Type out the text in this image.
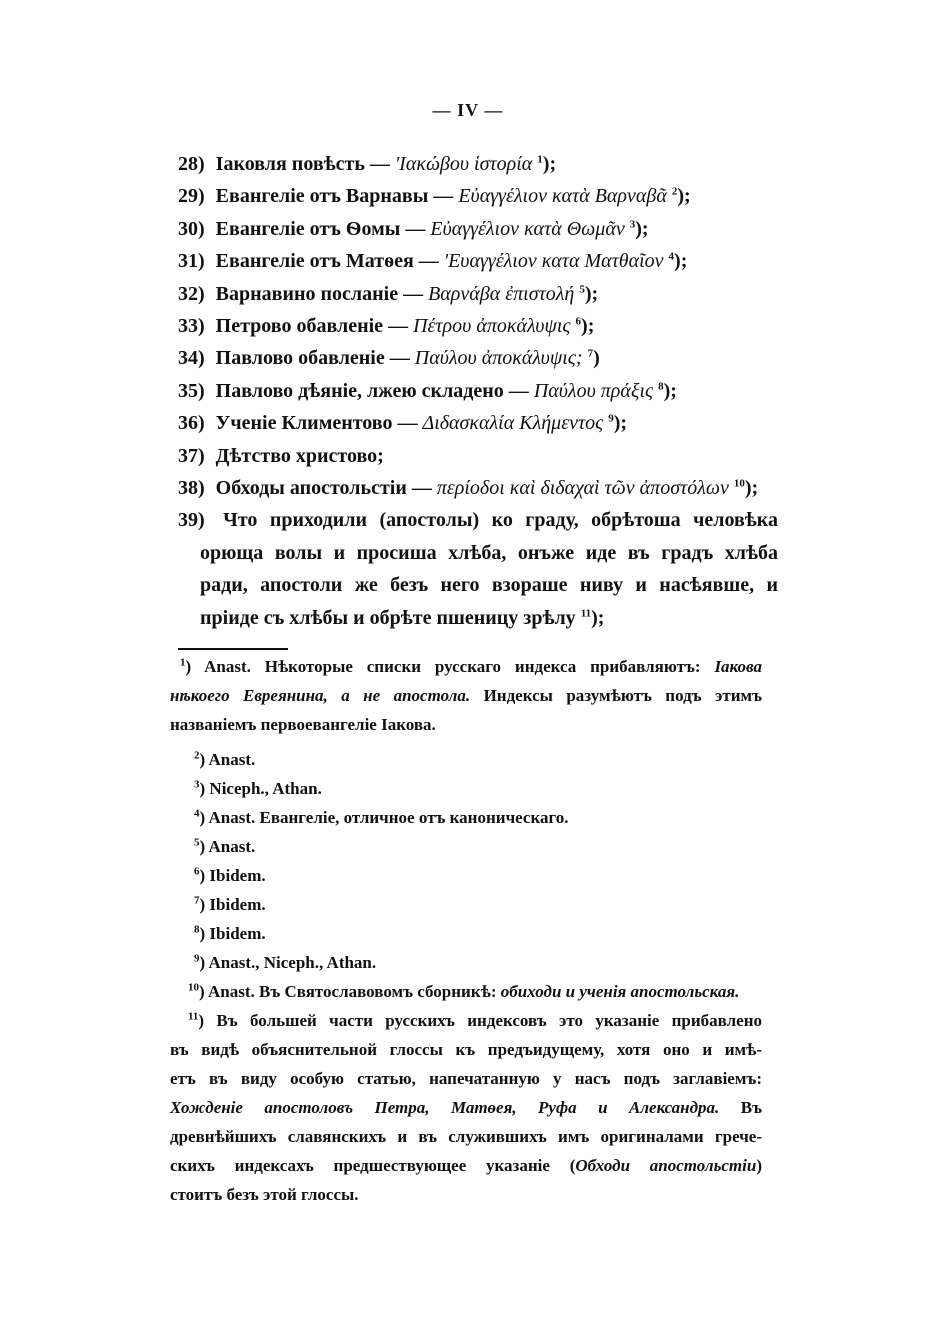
— IV —
28) Iаковля повѣсть — 'Ιακώβου ἱστορία $^1$);
29) Евангелiе отъ Варнавы — Εὐαγγέλιον κατὰ Βαρναβᾶ $^2$);
30) Евангелiе отъ Ѳомы — Εὐαγγέλιον κατὰ Θωμᾶν $^3$);
31) Евангелiе отъ Матѳея — 'Ευαγγέλιον κατα Ματθαῖον $^4$);
32) Варнавино посланiе — Βαρνάβα ἐπιστολή $^5$);
33) Петрово обавленiе — Πέτρου ἀποκάλυψις $^6$);
34) Павлово обавленiе — Παύλου ἀποκάλυψις; $^7$)
35) Павлово дѣянiе, лжею складено — Παύλου πράξις $^8$);
36) Ученiе Климентово — Διδασκαλία Κλήμεντος $^9$);
37) Дѣтство христово;
38) Обходы апостольстiи — περίοδοι καὶ διδαχαὶ τῶν ἀποστόλων $^{10}$);
39) Что приходили (апостолы) ко граду, обрѣтоша человѣка
орюща волы и просиша хлѣба, онъже иде въ градъ хлѣба
ради, апостоли же безъ него взораше ниву и насѣявше, и
прiиде съ хлѣбы и обрѣте пшеницу зрѣлу $^{11}$);
$^1$) Anast. Нѣкоторые списки русскаго индекса прибавляютъ: Iакова
нѣкоего Евреянина, а не апостола. Индексы разумѣютъ подъ этимъ
названiемъ первоевангелiе Iакова.
$^2$) Anast.
$^3$) Niceph., Athan.
$^4$) Anast. Евангелiе, отличное отъ каноническаго.
$^5$) Anast.
$^6$) Ibidem.
$^7$) Ibidem.
$^8$) Ibidem.
$^9$) Anast., Niceph., Athan.
$^{10}$) Anast. Въ Святославовомъ сборникѣ: обиходи и ученiя апостольская.
$^{11}$) Въ большей части русскихъ индексовъ это указанiе прибавлено
въ видѣ объяснительной глоссы къ предъидущему, хотя оно и имѣ-
етъ въ виду особую статью, напечатанную у насъ подъ заглавiемъ:
Хожденiе апостоловъ Петра, Матѳея, Руфа и Александра. Въ
древнѣйшихъ славянскихъ и въ служившихъ имъ оригиналами грече-
скихъ индексахъ предшествующее указанiе (Обходи апостольстiи)
стоитъ безъ этой глоссы.
